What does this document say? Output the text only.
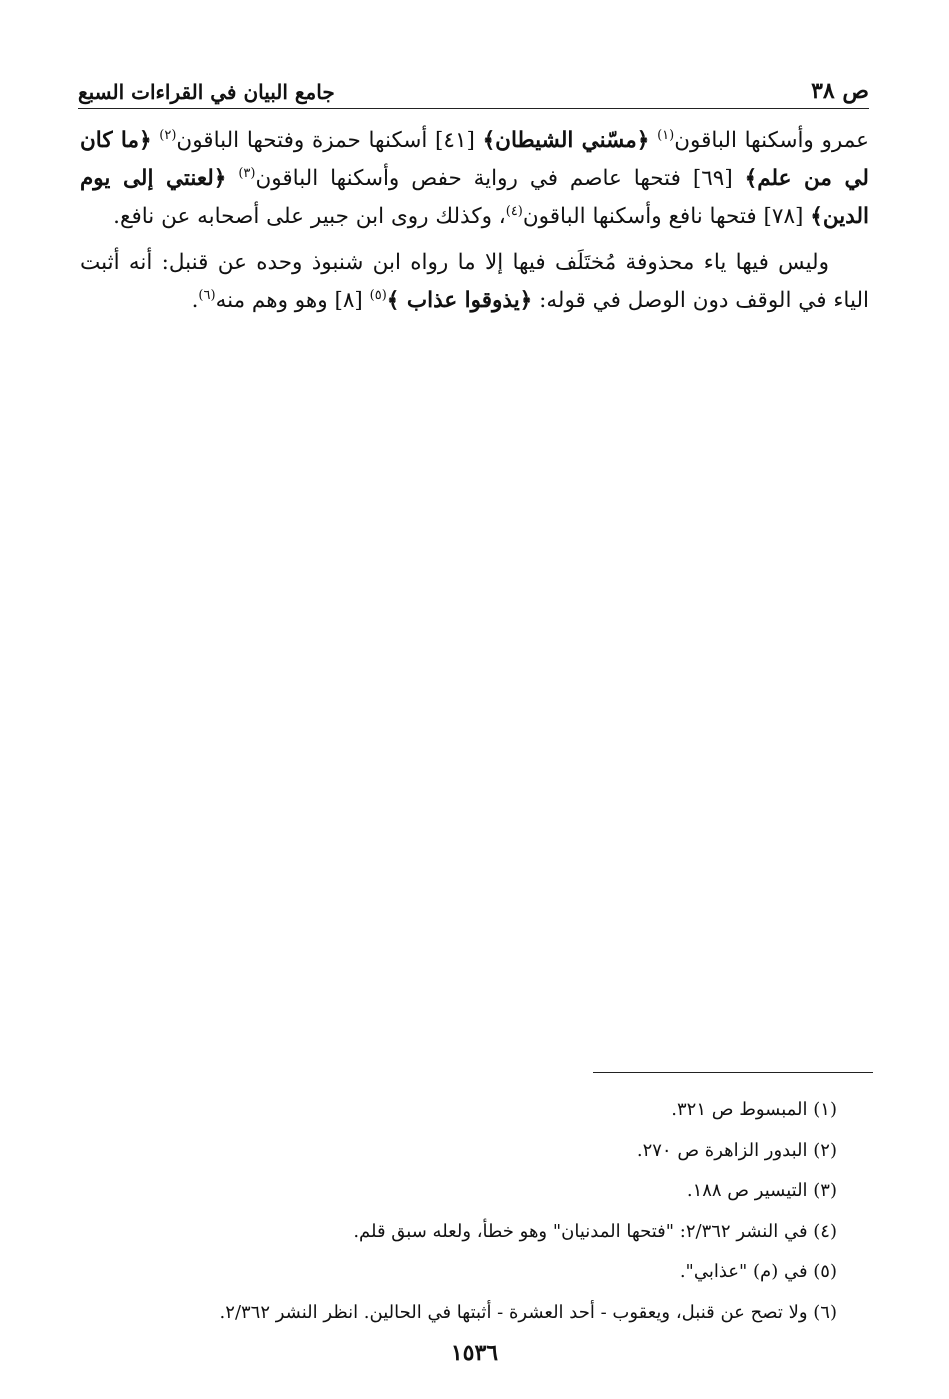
ص ٣٨
جامع البيان في القراءات السبع

عمرو وأسكنها الباقون$^{(١)}$ ﴿مسّني الشيطان﴾ [٤١] أسكنها حمزة وفتحها الباقون$^{(٢)}$ ﴿ما كان لي من علم﴾ [٦٩] فتحها عاصم في رواية حفص وأسكنها الباقون$^{(٣)}$ ﴿لعنتي إلى يوم الدين﴾ [٧٨] فتحها نافع وأسكنها الباقون$^{(٤)}$، وكذلك روى ابن جبير على أصحابه عن نافع.

وليس فيها ياء محذوفة مُختَلَف فيها إلا ما رواه ابن شنبوذ وحده عن قنبل: أنه أثبت الياء في الوقف دون الوصل في قوله: ﴿يذوقوا عذاب ﴾$^{(٥)}$ [٨] وهو وهم منه$^{(٦)}$.

(١) المبسوط ص ٣٢١.

(٢) البدور الزاهرة ص ٢٧٠.

(٣) التيسير ص ١٨٨.

(٤) في النشر ٢/٣٦٢: "فتحها المدنيان" وهو خطأ، ولعله سبق قلم.

(٥) في (م) "عذابي".

(٦) ولا تصح عن قنبل، ويعقوب - أحد العشرة - أثبتها في الحالين. انظر النشر ٢/٣٦٢.

١٥٣٦
